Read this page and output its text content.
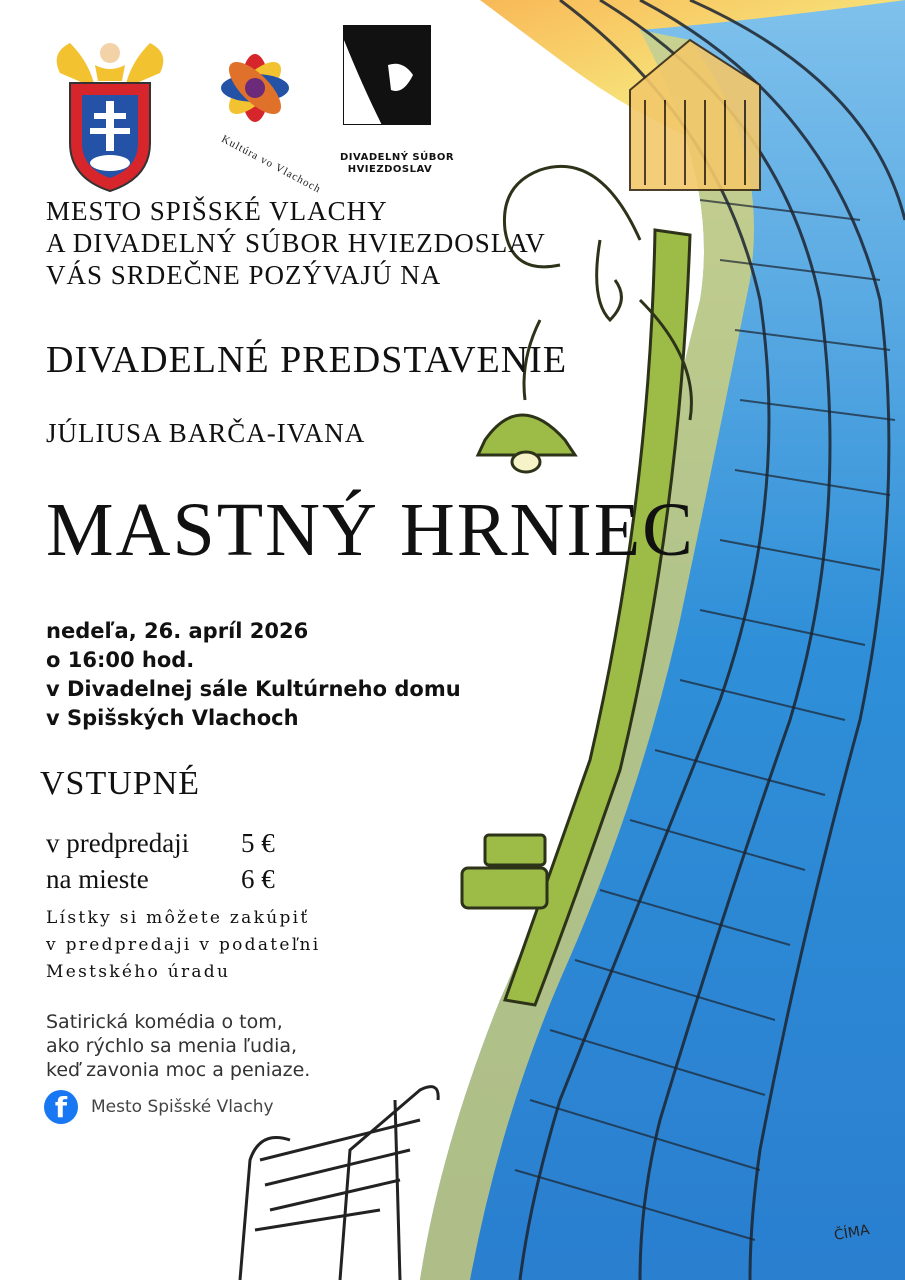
ČÍMA
Kultúra vo Vlachoch	DIVADELNÝ SÚBOR
HVIEZDOSLAV
MESTO SPIŠSKÉ VLACHY
A DIVADELNÝ SÚBOR HVIEZDOSLAV
VÁS SRDEČNE POZÝVAJÚ NA
DIVADELNÉ PREDSTAVENIE
JÚLIUSA BARČA-IVANA
MASTNÝ HRNIEC
nedeľa, 26. apríl 2026
o 16:00 hod.
v Divadelnej sále Kultúrneho domu
v Spišských Vlachoch
VSTUPNÉ
v predpredaji	5 €
na mieste	6 €
Lístky si môžete zakúpiť
v predpredaji v podateľni
Mestského úradu
Satirická komédia o tom,
ako rýchlo sa menia ľudia,
keď zavonia moc a peniaze.
f	Mesto Spišské Vlachy
